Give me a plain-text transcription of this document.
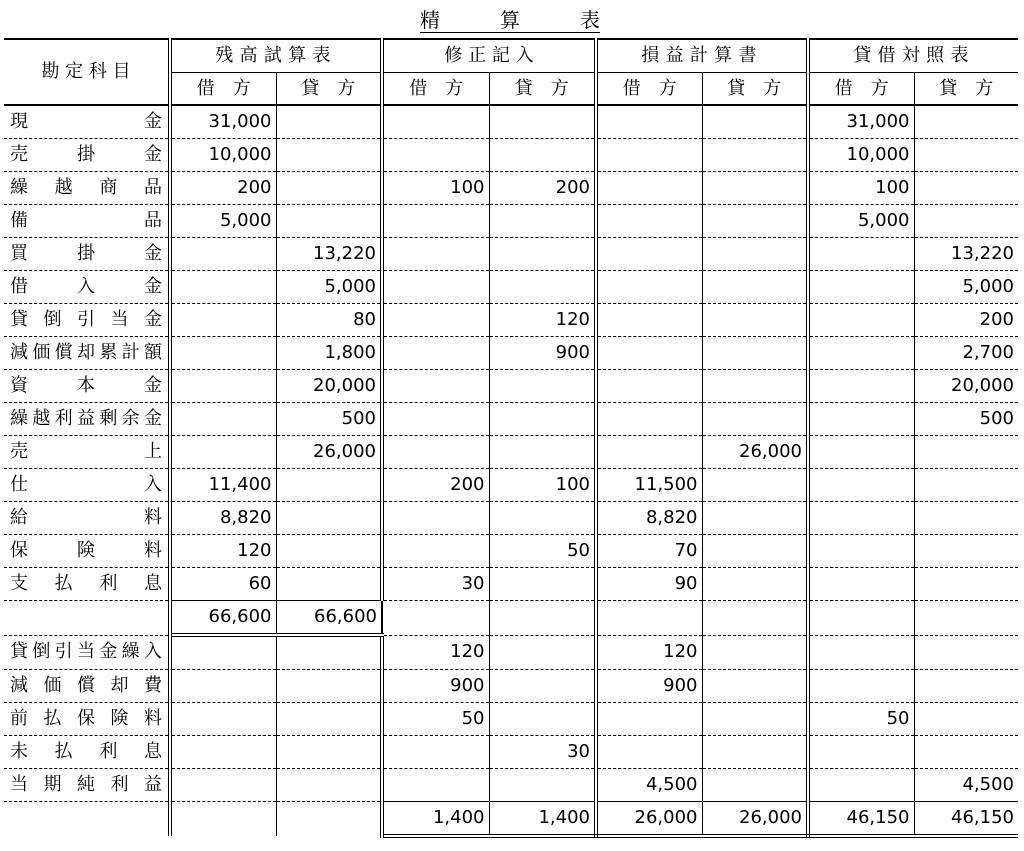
精	算	表
勘 定 科 目	残高試算表		修 正 記 入		損益計算書		貸借対照表	
	借　方	貸　方	借　方	貸　方	借　方	貸　方	借　方	貸　方
現金	31,000						31,000	
売掛金	10,000						10,000	
繰越商品	200		100	200			100	
備品	5,000						5,000	
買掛金		13,220						13,220
借入金		5,000						5,000
貸倒引当金		80		120				200
減価償却累計額		1,800		900				2,700
資本金		20,000						20,000
繰越利益剰余金		500						500
売上		26,000				26,000		
仕入	11,400		200	100	11,500			
給料	8,820				8,820			
保険料	120			50	70			
支払利息	60		30		90			
	66,600	66,600						
貸倒引当金繰入			120		120			
減価償却費			900		900			
前払保険料			50				50	
未払利息				30				
当期純利益					4,500			4,500
			1,400	1,400	26,000	26,000	46,150	46,150
